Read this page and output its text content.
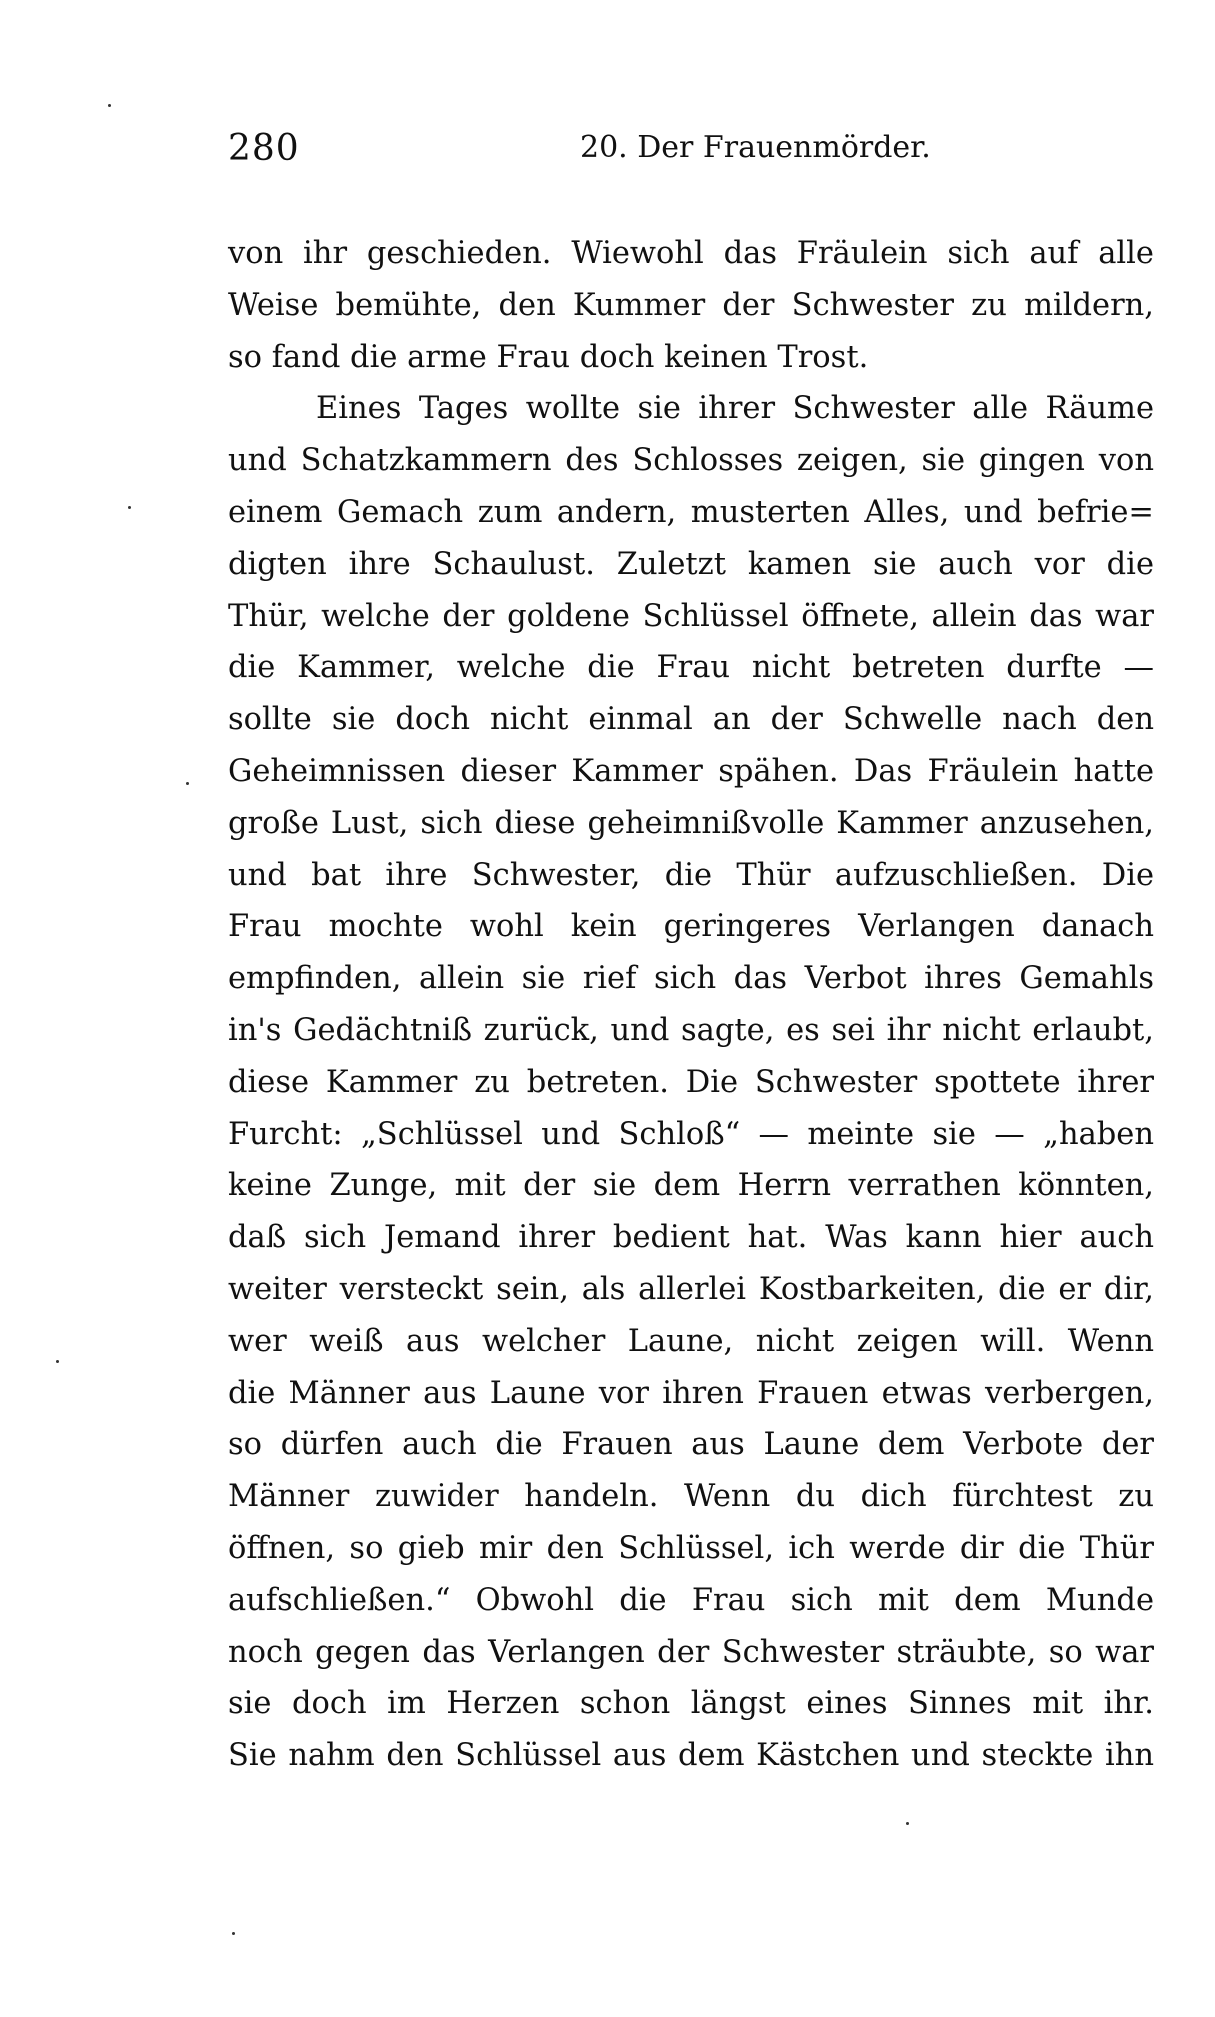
280	20. Der Frauenmörder.
von ihr geschieden. Wiewohl das Fräulein sich auf alle
Weise bemühte, den Kummer der Schwester zu mildern,
so fand die arme Frau doch keinen Trost.
Eines Tages wollte sie ihrer Schwester alle Räume
und Schatzkammern des Schlosses zeigen, sie gingen von
einem Gemach zum andern, musterten Alles, und befrie=
digten ihre Schaulust. Zuletzt kamen sie auch vor die
Thür, welche der goldene Schlüssel öffnete, allein das war
die Kammer, welche die Frau nicht betreten durfte —
sollte sie doch nicht einmal an der Schwelle nach den
Geheimnissen dieser Kammer spähen. Das Fräulein hatte
große Lust, sich diese geheimnißvolle Kammer anzusehen,
und bat ihre Schwester, die Thür aufzuschließen. Die
Frau mochte wohl kein geringeres Verlangen danach
empfinden, allein sie rief sich das Verbot ihres Gemahls
in's Gedächtniß zurück, und sagte, es sei ihr nicht erlaubt,
diese Kammer zu betreten. Die Schwester spottete ihrer
Furcht: „Schlüssel und Schloß“ — meinte sie — „haben
keine Zunge, mit der sie dem Herrn verrathen könnten,
daß sich Jemand ihrer bedient hat. Was kann hier auch
weiter versteckt sein, als allerlei Kostbarkeiten, die er dir,
wer weiß aus welcher Laune, nicht zeigen will. Wenn
die Männer aus Laune vor ihren Frauen etwas verbergen,
so dürfen auch die Frauen aus Laune dem Verbote der
Männer zuwider handeln. Wenn du dich fürchtest zu
öffnen, so gieb mir den Schlüssel, ich werde dir die Thür
aufschließen.“ Obwohl die Frau sich mit dem Munde
noch gegen das Verlangen der Schwester sträubte, so war
sie doch im Herzen schon längst eines Sinnes mit ihr.
Sie nahm den Schlüssel aus dem Kästchen und steckte ihn
